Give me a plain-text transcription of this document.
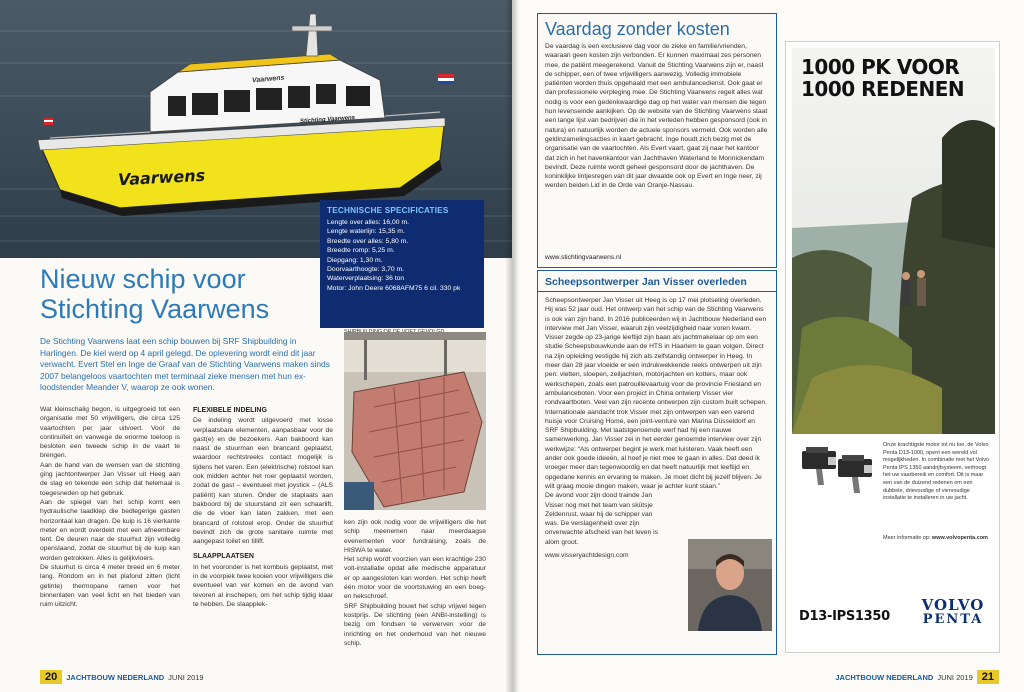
Vaarwens
Stichting Vaarwens
Vaarwens
TECHNISCHE SPECIFICATIES
Lengte over alles: 16,00 m.
Lengte waterlijn: 15,35 m.
Breedte over alles: 5,80 m.
Breedte romp: 5,25 m.
Diepgang: 1,30 m.
Doorvaarthoogte: 3,70 m.
Waterverplaatsing: 36 ton
Motor: John Deere 6068AFM75 6 cil. 330 pk
Nieuw schip voor Stichting Vaarwens

De Stichting Vaarwens laat een schip bouwen bij SRF Shipbuilding in Harlingen. De kiel werd op 4 april gelegd. De oplevering wordt eind dit jaar verwacht. Evert Stel en Inge de Graaf van de Stichting Vaarwens maken sinds 2007 belangeloos vaartochten met terminaal zieke mensen met hun ex-loodstender Meander V, waarop ze ook wonen.

Wat kleinschalig begon, is uitgegroeid tot een organisatie met 50 vrijwilligers, die circa 125 vaartochten per jaar uitvoert. Voor de continuïteit en vanwege de enorme toeloop is besloten een tweede schip in de vaart te brengen.

Aan de hand van de wensen van de stichting ging jachtontwerper Jan Visser uit Heeg aan de slag en tekende een schip dat helemaal is toegesneden op het gebruik.

Aan de spiegel van het schip komt een hydraulische laadklep die bedlegerige gasten horizontaal kan dragen. De kuip is 16 vierkante meter en wordt overdekt met een afneembare tent. De deuren naar de stuurhut zijn volledig openslaand, zodat de stuurhut bij de kuip kan worden getrokken. Alles is gelijkvloers.

De stuurhut is circa 4 meter breed en 6 meter lang. Rondom en in het plafond zitten (licht getinte) thermopane ramen voor het binnenlaten van veel licht en het bieden van ruim uitzicht.

FLEXIBELE INDELING

De indeling wordt uitgevoerd met losse verplaatsbare elementen, aanpasbaar voor de gast(e) en de bezoekers. Aan bakboord kan naast de stuurman een brancard geplaatst, waardoor rechtstreeks contact mogelijk is tijdens het varen. Een (elektrische) rolstoel kan ook midden achter het roer geplaatst worden, zodat de gast – eventueel met joystick – (ALS patiënt) kan sturen. Onder de staplaats aan bakboord bij de stuurstand zit een schaarlift, die de vloer kan laten zakken, met een brancard of rolstoel erop. Onder de stuurhut bevindt zich de grote sanitaire ruimte met aangepast toilet en tillift.

SLAAPPLAATSEN

In het vooronder is het kombuis geplaatst, met in de voorpiek twee kooien voor vrijwilligers die eventueel van ver komen en de avond van tevoren al inschepen, om het schip tijdig klaar te hebben. De slaapplek-

ken zijn ook nodig voor de vrijwilligers die het schip meenemen naar meerdaagse evenementen voor fundraising, zoals de HISWA te water.

Het schip wordt voorzien van een krachtige 230 volt-installatie opdat alle medische apparatuur er op aangesloten kan worden. Het schip heeft één motor voor de voortstuwing en een boeg- en hekschroef.

SRF Shipbuilding bouwt het schip vrijwel tegen kostprijs. De stichting (een ANBI-instelling) is bezig om fondsen te verwerven voor de inrichting en het onderhoud van het nieuwe schip.

20	JACHTBOUW NEDERLAND JUNI 2019
Vaardag zonder kosten

De vaardag is een exclusieve dag voor de zieke en familie/vrienden, waaraan geen kosten zijn verbonden. Er kunnen maximaal zes personen mee, de patiënt meegerekend. Vanuit de Stichting Vaarwens zijn er, naast de schipper, een of twee vrijwilligers aanwezig. Volledig immobiele patiënten worden thuis opgehaald met een ambulancedienst. Ook gaat er dan professionele verpleging mee. De Stichting Vaarwens regelt alles wat nodig is voor een gedenkwaardige dag op het water van mensen die tegen hun levenseinde aankijken. Op de website van de Stichting Vaarwens staat een lange lijst van bedrijven die in het verleden hebben gesponsord (ook in natura) en natuurlijk worden de actuele sponsors vermeld. Ook worden alle geldinzamelingsacties in kaart gebracht. Inge houdt zich bezig met de organisatie van de vaartochten. Als Evert vaart, gaat zij naar het kantoor dat zich in het havenkantoor van Jachthaven Waterland te Monnickendam bevindt. Deze ruimte wordt geheel gesponsord door de jachthaven. De koninklijke lintjesregen van dit jaar dwaalde ook op Evert en Inge neer, zij werden beiden Lid in de Orde van Oranje-Nassau.

www.stichtingvaarwens.nl
Scheepsontwerper Jan Visser overleden

Scheepsontwerper Jan Visser uit Heeg is op 17 mei plotseling overleden. Hij was 52 jaar oud. Het ontwerp van het schip van de Stichting Vaarwens is ook van zijn hand. In 2016 publiceerden wij in Jachtbouw Nederland een interview met Jan Visser, waaruit zijn veelzijdigheid naar voren kwam.

Visser zegde op 23-jarige leeftijd zijn baan als jachtmakelaar op om een studie Scheepsbouwkunde aan de HTS in Haarlem te gaan volgen. Direct na zijn opleiding vestigde hij zich als zelfstandig ontwerper in Heeg. In meer dan 28 jaar vloeide er een indrukwekkende reeks ontwerpen uit zijn pen: vletten, sloepen, zeiljachten, motorjachten en kotters, maar ook werkschepen, zoals een patrouillevaartuig voor de provincie Friesland en ambulanceboten. Voor een project in China ontwierp Visser vier rondvaartboten. Veel van zijn recente ontwerpen zijn custom built schepen.

Internationale aandacht trok Visser met zijn ontwerpen van een varend huisje voor Cruising Home, een joint-venture van Marina Düsseldorf en SRF Shipbuilding. Met laatstgenoemde werf had hij een nauwe samenwerking. Jan Visser zei in het eerder genoemde interview over zijn werkwijze: “Als ontwerper begint je werk met luisteren. Vaak heeft een ander ook goede ideeën, al hoef je niet mee te gaan in alles. Dat deed ik vroeger meer dan tegenwoordig en dat heeft natuurlijk met leeftijd en opgedane kennis en ervaring te maken. Je moet dicht bij jezelf blijven. Je wilt graag mooie dingen maken, waar je achter kunt staan.”

De avond voor zijn dood trainde Jan Visser nog met het team van skûtsje Zeldenrust, waar hij de schipper van was. De verslagenheid over zijn onverwachte afscheid van het leven is alom groot.

www.visseryachtdesign.com

1000 PK VOOR
1000 REDENEN
Onze krachtigste motor tot nu toe, de Volvo Penta D13-1000, opent een wereld vol mogelijkheden. In combinatie met het Volvo Penta IPS 1350 aandrijfsysteem, verhoogt het uw vaarbereik en comfort. Dit is maar een van de duizend redenen om een dubbele, drievoudige of viervoudige installatie te installeren in uw jacht.
Meer informatie op: www.volvopenta.com
D13-IPS1350
VOLVO
PENTA
JACHTBOUW NEDERLAND JUNI 2019 21
